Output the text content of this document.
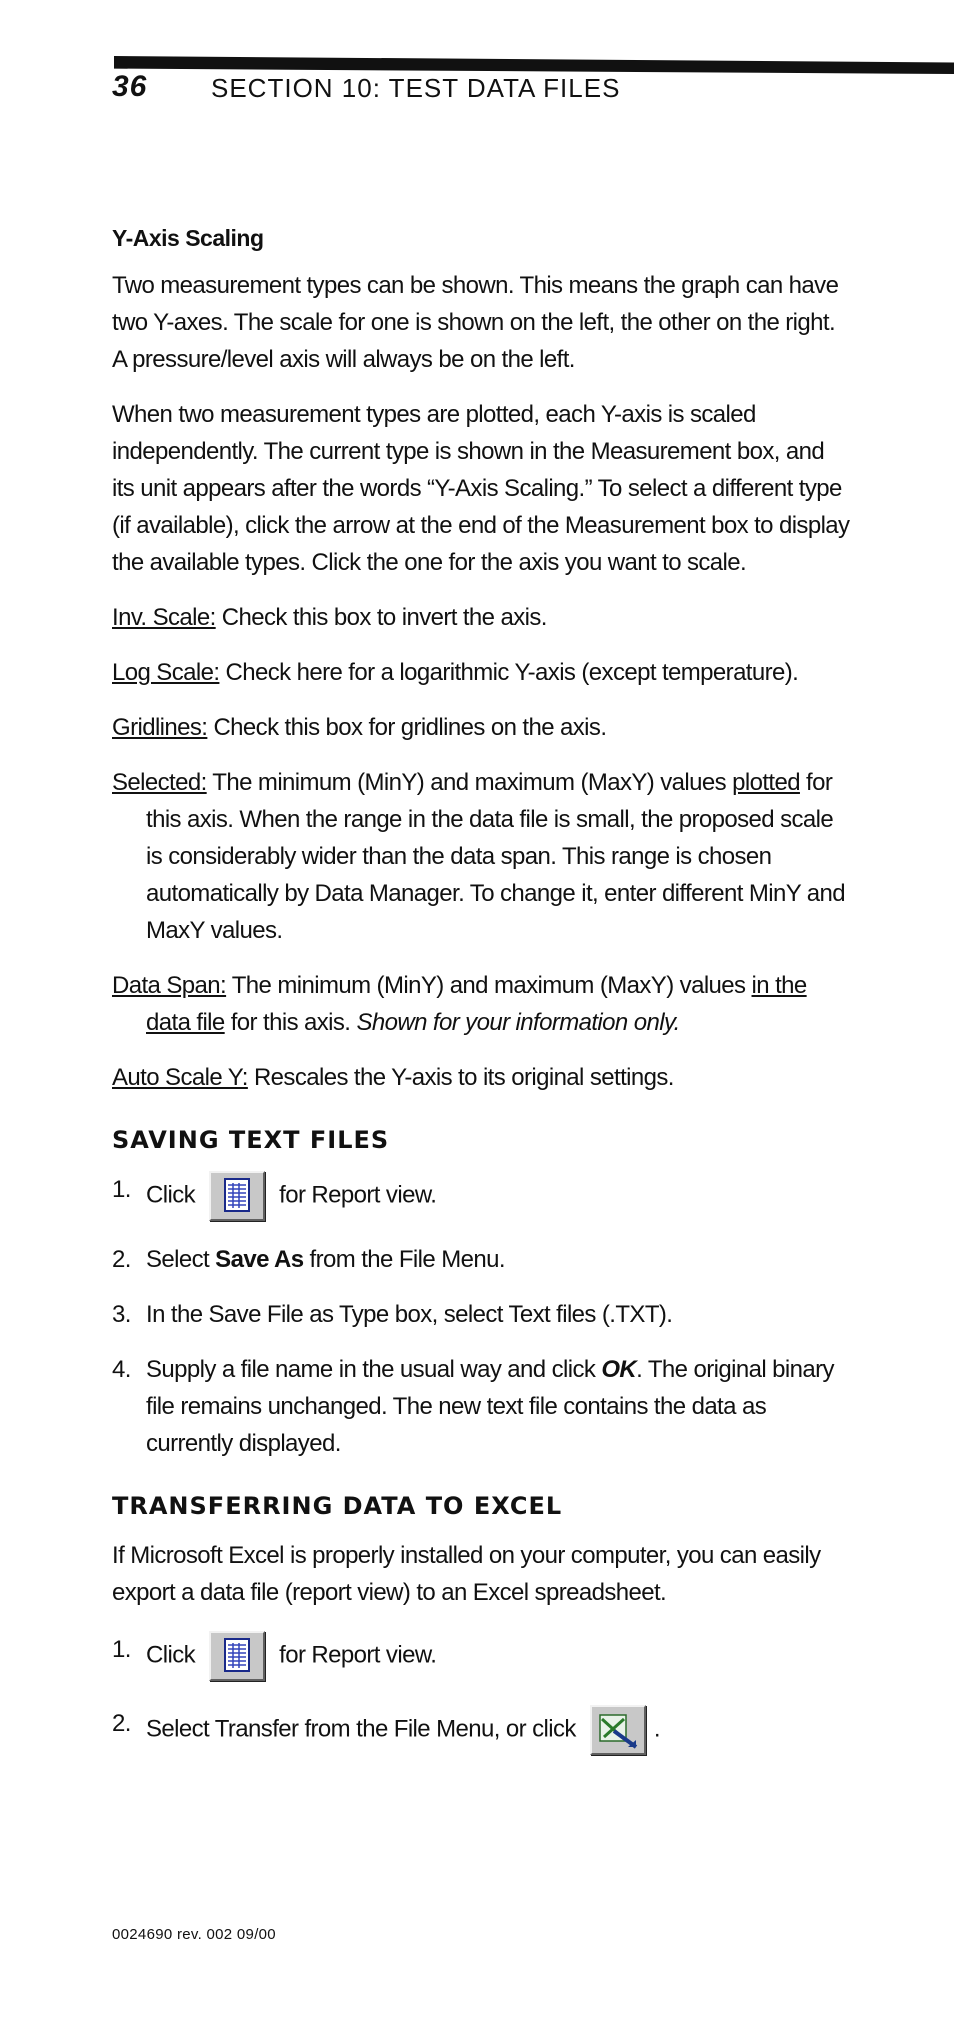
36 SECTION 10: TEST DATA FILES
Y-Axis Scaling

Two measurement types can be shown. This means the graph can have two Y-axes. The scale for one is shown on the left, the other on the right. A pressure/level axis will always be on the left.

When two measurement types are plotted, each Y-axis is scaled independently. The current type is shown in the Measurement box, and its unit appears after the words “Y-Axis Scaling.” To select a different type (if available), click the arrow at the end of the Measurement box to display the available types. Click the one for the axis you want to scale.

Inv. Scale: Check this box to invert the axis.

Log Scale: Check here for a logarithmic Y-axis (except temperature).

Gridlines: Check this box for gridlines on the axis.

Selected: The minimum (MinY) and maximum (MaxY) values plotted for this axis. When the range in the data file is small, the proposed scale is considerably wider than the data span. This range is chosen automatically by Data Manager. To change it, enter different MinY and MaxY values.

Data Span: The minimum (MinY) and maximum (MaxY) values in the data file for this axis. Shown for your information only.

Auto Scale Y: Rescales the Y-axis to its original settings.

SAVING TEXT FILES
1. Click	for Report view.
2. Select Save As from the File Menu.
3. In the Save File as Type box, select Text files (.TXT).
4. Supply a file name in the usual way and click OK. The original binary file remains unchanged. The new text file contains the data as currently displayed.
TRANSFERRING DATA TO EXCEL

If Microsoft Excel is properly installed on your computer, you can easily export a data file (report view) to an Excel spreadsheet.

1. Click	for Report view.
2. Select Transfer from the File Menu, or click	.
0024690 rev. 002 09/00
